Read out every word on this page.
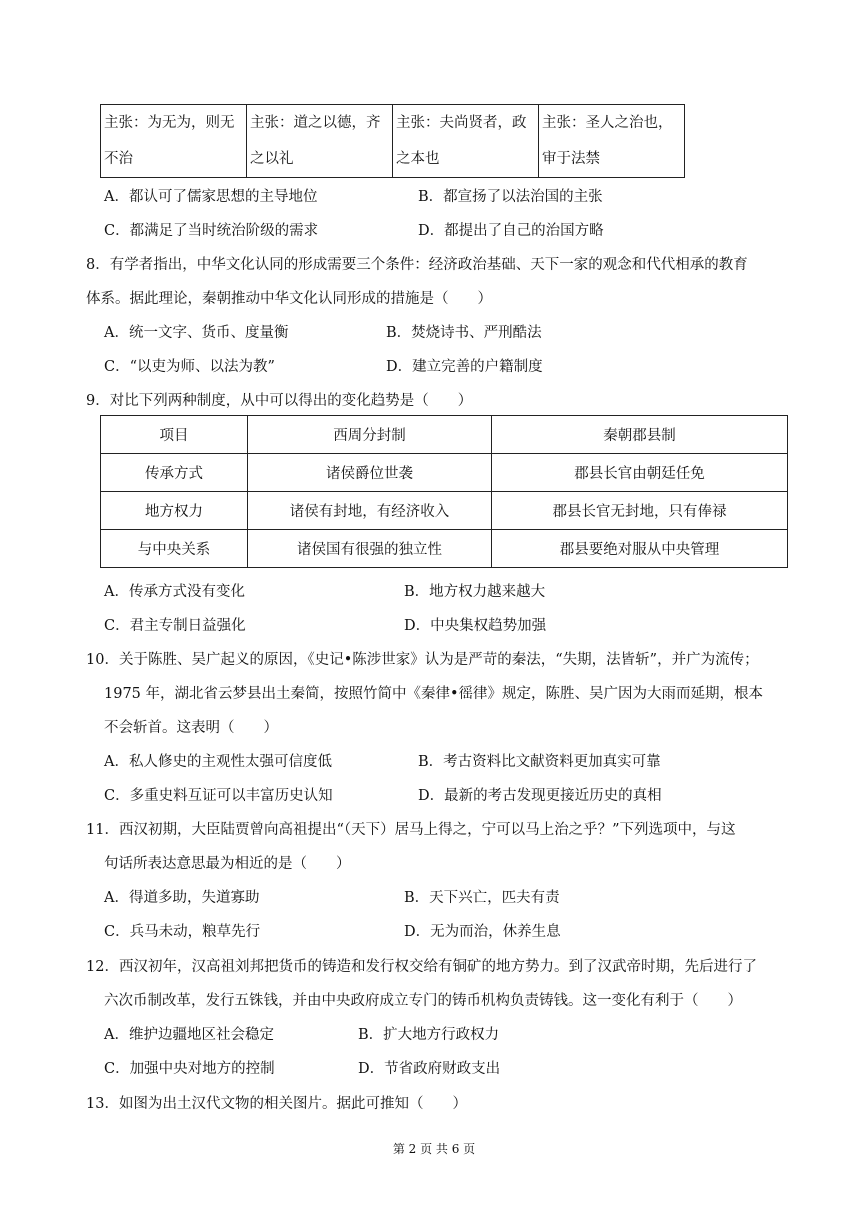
主张：为无为，则无不治	主张：道之以德，齐之以礼	主张：夫尚贤者，政之本也	主张：圣人之治也，审于法禁
A．都认可了儒家思想的主导地位	B．都宣扬了以法治国的主张
C．都满足了当时统治阶级的需求	D．都提出了自己的治国方略
8．有学者指出，中华文化认同的形成需要三个条件：经济政治基础、天下一家的观念和代代相承的教育
体系。据此理论，秦朝推动中华文化认同形成的措施是（　　）
A．统一文字、货币、度量衡	B．焚烧诗书、严刑酷法
C．“以吏为师、以法为教”	D．建立完善的户籍制度
9．对比下列两种制度，从中可以得出的变化趋势是（　　）
项目	西周分封制	秦朝郡县制
传承方式	诸侯爵位世袭	郡县长官由朝廷任免
地方权力	诸侯有封地，有经济收入	郡县长官无封地，只有俸禄
与中央关系	诸侯国有很强的独立性	郡县要绝对服从中央管理
A．传承方式没有变化	B．地方权力越来越大
C．君主专制日益强化	D．中央集权趋势加强
10．关于陈胜、吴广起义的原因，《史记•陈涉世家》认为是严苛的秦法，“失期，法皆斩”，并广为流传；
1975 年，湖北省云梦县出土秦简，按照竹简中《秦律•徭律》规定，陈胜、吴广因为大雨而延期，根本
不会斩首。这表明（　　）
A．私人修史的主观性太强可信度低	B．考古资料比文献资料更加真实可靠
C．多重史料互证可以丰富历史认知	D．最新的考古发现更接近历史的真相
11．西汉初期，大臣陆贾曾向高祖提出“（天下）居马上得之，宁可以马上治之乎？”下列选项中，与这
句话所表达意思最为相近的是（　　）
A．得道多助，失道寡助	B．天下兴亡，匹夫有责
C．兵马未动，粮草先行	D．无为而治，休养生息
12．西汉初年，汉高祖刘邦把货币的铸造和发行权交给有铜矿的地方势力。到了汉武帝时期，先后进行了
六次币制改革，发行五铢钱，并由中央政府成立专门的铸币机构负责铸钱。这一变化有利于（　　）
A．维护边疆地区社会稳定	B．扩大地方行政权力
C．加强中央对地方的控制	D．节省政府财政支出
13．如图为出土汉代文物的相关图片。据此可推知（　　）
第 2 页 共 6 页
